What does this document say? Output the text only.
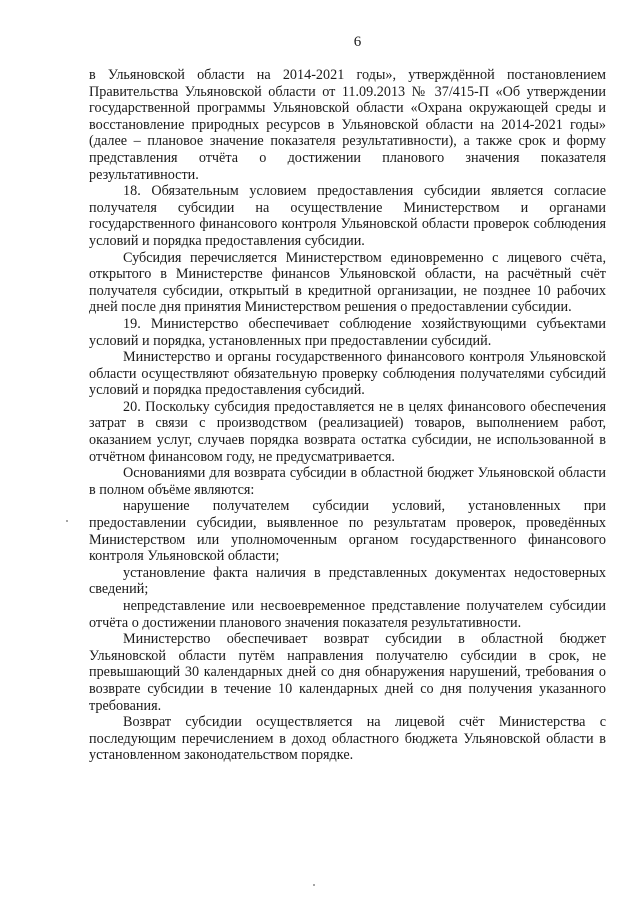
6

в Ульяновской области на 2014-2021 годы», утверждённой постановлением Правительства Ульяновской области от 11.09.2013 № 37/415-П «Об утверждении государственной программы Ульяновской области «Охрана окружающей среды и восстановление природных ресурсов в Ульяновской области на 2014-2021 годы» (далее – плановое значение показателя результативности), а также срок и форму представления отчёта о достижении планового значения показателя результативности.

18. Обязательным условием предоставления субсидии является согласие получателя субсидии на осуществление Министерством и органами государственного финансового контроля Ульяновской области проверок соблюдения условий и порядка предоставления субсидии.

Субсидия перечисляется Министерством единовременно с лицевого счёта, открытого в Министерстве финансов Ульяновской области, на расчётный счёт получателя субсидии, открытый в кредитной организации, не позднее 10 рабочих дней после дня принятия Министерством решения о предоставлении субсидии.

19. Министерство обеспечивает соблюдение хозяйствующими субъектами условий и порядка, установленных при предоставлении субсидий.

Министерство и органы государственного финансового контроля Ульяновской области осуществляют обязательную проверку соблюдения получателями субсидий условий и порядка предоставления субсидий.

20. Поскольку субсидия предоставляется не в целях финансового обеспечения затрат в связи с производством (реализацией) товаров, выполнением работ, оказанием услуг, случаев порядка возврата остатка субсидии, не использованной в отчётном финансовом году, не предусматривается.

Основаниями для возврата субсидии в областной бюджет Ульяновской области в полном объёме являются:

нарушение получателем субсидии условий, установленных при предоставлении субсидии, выявленное по результатам проверок, проведённых Министерством или уполномоченным органом государственного финансового контроля Ульяновской области;

установление факта наличия в представленных документах недостоверных сведений;

непредставление или несвоевременное представление получателем субсидии отчёта о достижении планового значения показателя результативности.

Министерство обеспечивает возврат субсидии в областной бюджет Ульяновской области путём направления получателю субсидии в срок, не превышающий 30 календарных дней со дня обнаружения нарушений, требования о возврате субсидии в течение 10 календарных дней со дня получения указанного требования.

Возврат субсидии осуществляется на лицевой счёт Министерства с последующим перечислением в доход областного бюджета Ульяновской области в установленном законодательством порядке.
